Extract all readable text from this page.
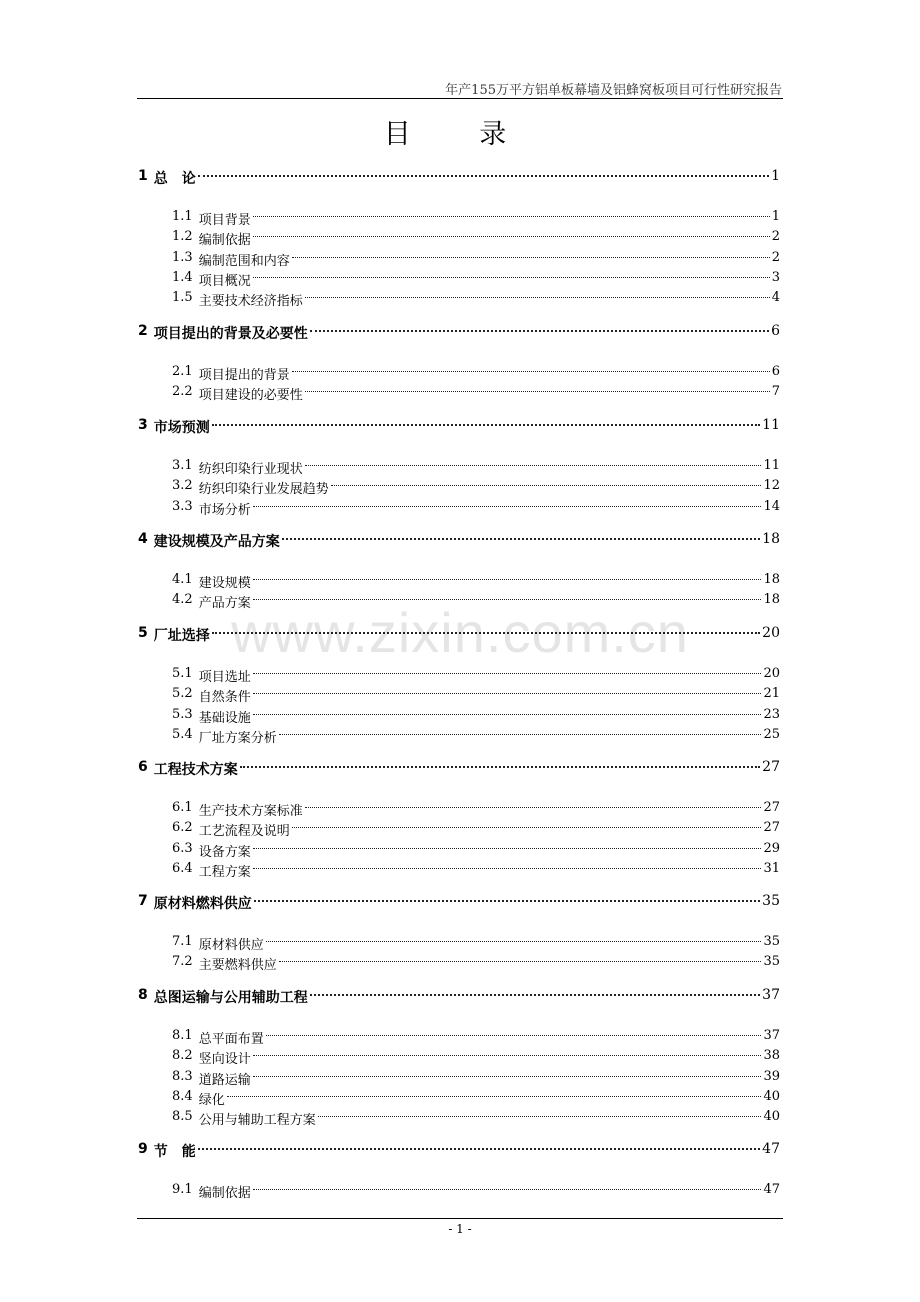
年产155万平方铝单板幕墙及铝蜂窝板项目可行性研究报告
目 录
www.zixin.com.cn
1 总　论	1
1.1 项目背景	1
1.2 编制依据	2
1.3 编制范围和内容	2
1.4 项目概况	3
1.5 主要技术经济指标	4
2 项目提出的背景及必要性	6
2.1 项目提出的背景	6
2.2 项目建设的必要性	7
3 市场预测	11
3.1 纺织印染行业现状	11
3.2 纺织印染行业发展趋势	12
3.3 市场分析	14
4 建设规模及产品方案	18
4.1 建设规模	18
4.2 产品方案	18
5 厂址选择	20
5.1 项目选址	20
5.2 自然条件	21
5.3 基础设施	23
5.4 厂址方案分析	25
6 工程技术方案	27
6.1 生产技术方案标准	27
6.2 工艺流程及说明	27
6.3 设备方案	29
6.4 工程方案	31
7 原材料燃料供应	35
7.1 原材料供应	35
7.2 主要燃料供应	35
8 总图运输与公用辅助工程	37
8.1 总平面布置	37
8.2 竖向设计	38
8.3 道路运输	39
8.4 绿化	40
8.5 公用与辅助工程方案	40
9 节　能	47
9.1 编制依据	47
- 1 -
